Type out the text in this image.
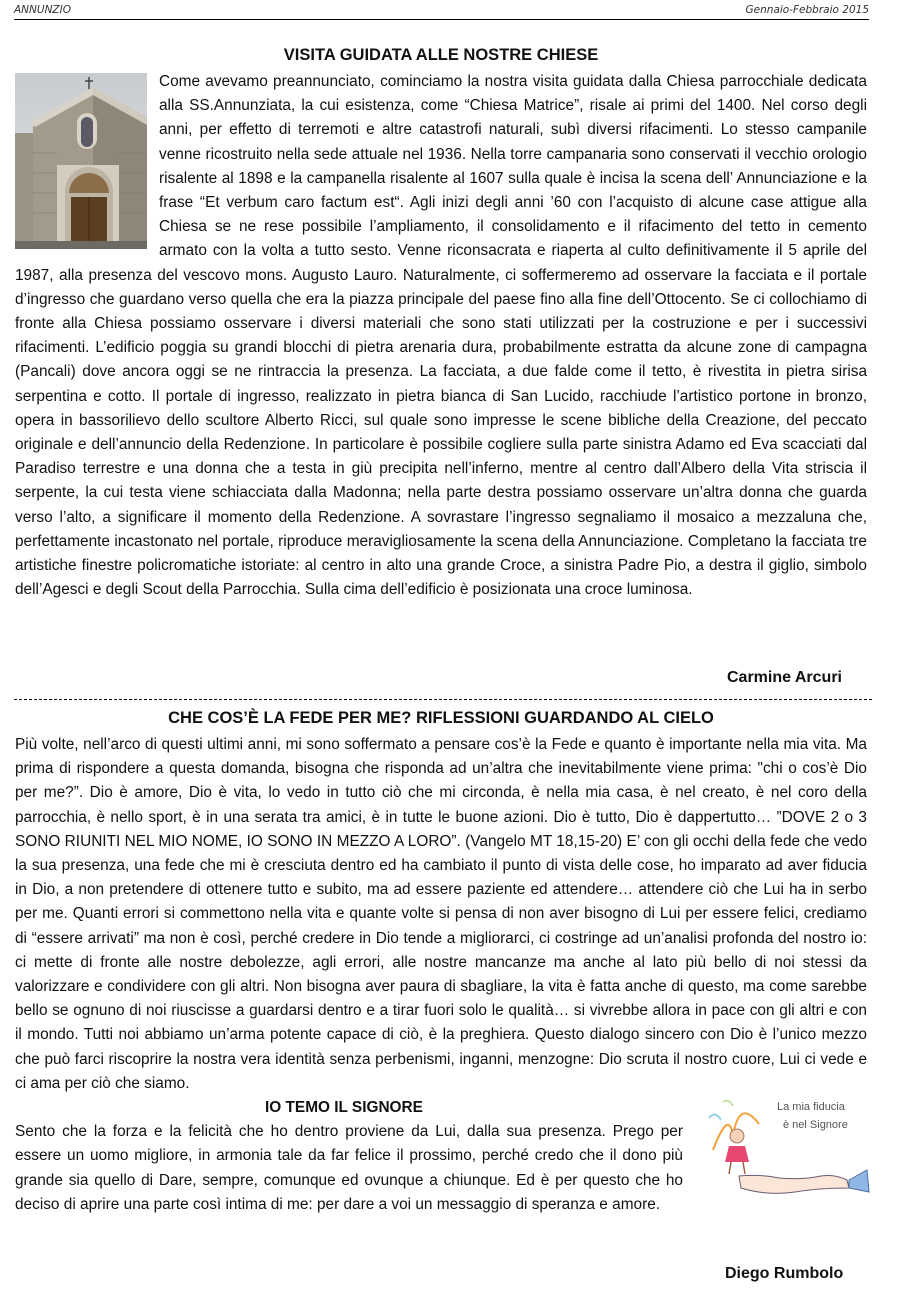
ANNUNZIO	Gennaio-Febbraio 2015
VISITA GUIDATA ALLE NOSTRE CHIESE

Come avevamo preannunciato, cominciamo la nostra visita guidata dalla Chiesa parrocchiale dedicata alla SS.Annunziata, la cui esistenza, come “Chiesa Matrice”, risale ai primi del 1400. Nel corso degli anni, per effetto di terremoti e altre catastrofi naturali, subì diversi rifacimenti. Lo stesso campanile venne ricostruito nella sede attuale nel 1936. Nella torre campanaria sono conservati il vecchio orologio risalente al 1898 e la campanella risalente al 1607 sulla quale è incisa la scena dell’ Annunciazione e la frase “Et verbum caro factum est“. Agli inizi degli anni ’60 con l’acquisto di alcune case attigue alla Chiesa se ne rese possibile l’ampliamento, il consolidamento e il rifacimento del tetto in cemento armato con la volta a tutto sesto. Venne riconsacrata e riaperta al culto definitivamente il 5 aprile del 1987, alla presenza del vescovo mons. Augusto Lauro. Naturalmente, ci soffermeremo ad osservare la facciata e il portale d’ingresso che guardano verso quella che era la piazza principale del paese fino alla fine dell’Ottocento. Se ci collochiamo di fronte alla Chiesa possiamo osservare i diversi materiali che sono stati utilizzati per la costruzione e per i successivi rifacimenti. L’edificio poggia su grandi blocchi di pietra arenaria dura, probabilmente estratta da alcune zone di campagna (Pancali) dove ancora oggi se ne rintraccia la presenza. La facciata, a due falde come il tetto, è rivestita in pietra sirisa serpentina e cotto. Il portale di ingresso, realizzato in pietra bianca di San Lucido, racchiude l’artistico portone in bronzo, opera in bassorilievo dello scultore Alberto Ricci, sul quale sono impresse le scene bibliche della Creazione, del peccato originale e dell’annuncio della Redenzione. In particolare è possibile cogliere sulla parte sinistra Adamo ed Eva scacciati dal Paradiso terrestre e una donna che a testa in giù precipita nell’inferno, mentre al centro dall’Albero della Vita striscia il serpente, la cui testa viene schiacciata dalla Madonna; nella parte destra possiamo osservare un’altra donna che guarda verso l’alto, a significare il momento della Redenzione. A sovrastare l’ingresso segnaliamo il mosaico a mezzaluna che, perfettamente incastonato nel portale, riproduce meravigliosamente la scena della Annunciazione. Completano la facciata tre artistiche finestre policromatiche istoriate: al centro in alto una grande Croce, a sinistra Padre Pio, a destra il giglio, simbolo dell’Agesci e degli Scout della Parrocchia. Sulla cima dell’edificio è posizionata una croce luminosa.

Carmine Arcuri
CHE COS’È LA FEDE PER ME? RIFLESSIONI GUARDANDO AL CIELO

Più volte, nell’arco di questi ultimi anni, mi sono soffermato a pensare cos’è la Fede e quanto è importante nella mia vita. Ma prima di rispondere a questa domanda, bisogna che risponda ad un’altra che inevitabilmente viene prima: "chi o cos’è Dio per me?”. Dio è amore, Dio è vita, lo vedo in tutto ciò che mi circonda, è nella mia casa, è nel creato, è nel coro della parrocchia, è nello sport, è in una serata tra amici, è in tutte le buone azioni. Dio è tutto, Dio è dappertutto… ”DOVE 2 o 3 SONO RIUNITI NEL MIO NOME, IO SONO IN MEZZO A LORO”. (Vangelo MT 18,15-20) E’ con gli occhi della fede che vedo la sua presenza, una fede che mi è cresciuta dentro ed ha cambiato il punto di vista delle cose, ho imparato ad aver fiducia in Dio, a non pretendere di ottenere tutto e subito, ma ad essere paziente ed attendere… attendere ciò che Lui ha in serbo per me. Quanti errori si commettono nella vita e quante volte si pensa di non aver bisogno di Lui per essere felici, crediamo di “essere arrivati” ma non è così, perché credere in Dio tende a migliorarci, ci costringe ad un’analisi profonda del nostro io: ci mette di fronte alle nostre debolezze, agli errori, alle nostre mancanze ma anche al lato più bello di noi stessi da valorizzare e condividere con gli altri. Non bisogna aver paura di sbagliare, la vita è fatta anche di questo, ma come sarebbe bello se ognuno di noi riuscisse a guardarsi dentro e a tirar fuori solo le qualità… si vivrebbe allora in pace con gli altri e con il mondo. Tutti noi abbiamo un’arma potente capace di ciò, è la preghiera. Questo dialogo sincero con Dio è l’unico mezzo che può farci riscoprire la nostra vera identità senza perbenismi, inganni, menzogne: Dio scruta il nostro cuore, Lui ci vede e ci ama per ciò che siamo.

La mia fiducia
è nel Signore

IO TEMO IL SIGNORE

Sento che la forza e la felicità che ho dentro proviene da Lui, dalla sua presenza. Prego per essere un uomo migliore, in armonia tale da far felice il prossimo, perché credo che il dono più grande sia quello di Dare, sempre, comunque ed ovunque a chiunque. Ed è per questo che ho deciso di aprire una parte così intima di me: per dare a voi un messaggio di speranza e amore.

Diego Rumbolo
